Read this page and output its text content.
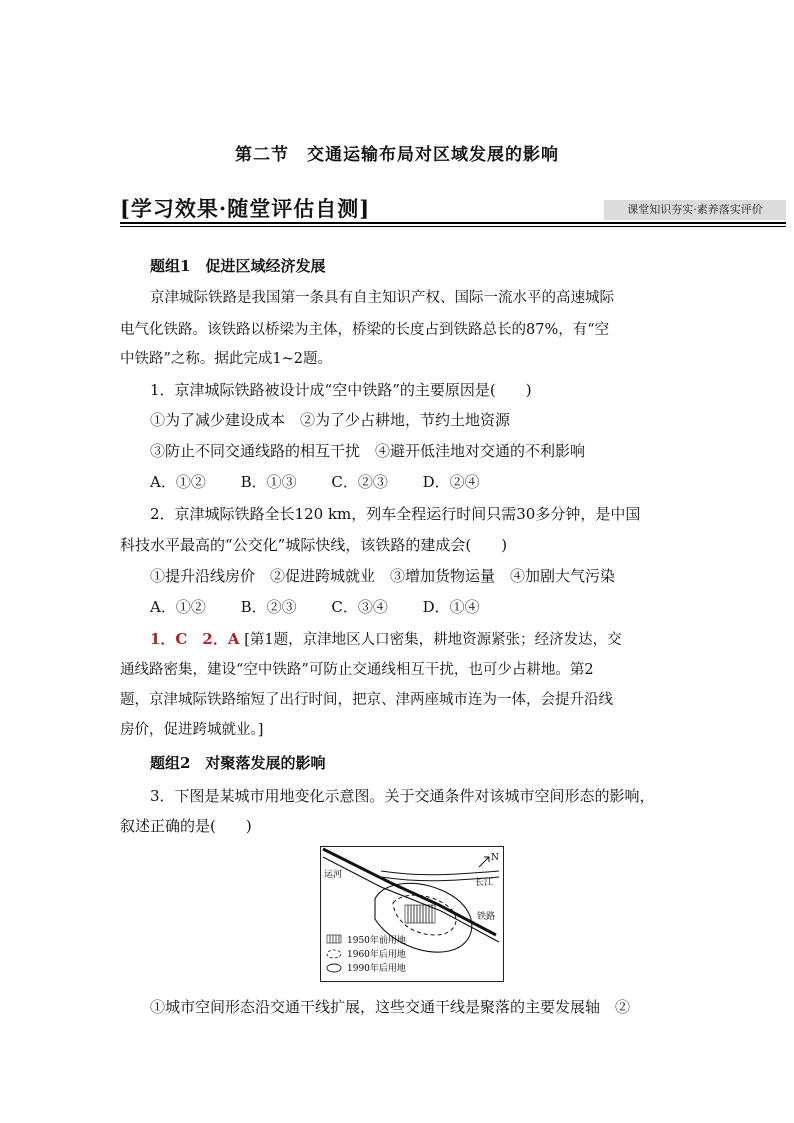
第二节　交通运输布局对区域发展的影响
[学习效果·随堂评估自测]	课堂知识夯实·素养落实评价
题组1　促进区域经济发展
京津城际铁路是我国第一条具有自主知识产权、国际一流水平的高速城际
电气化铁路。该铁路以桥梁为主体，桥梁的长度占到铁路总长的87%，有“空
中铁路”之称。据此完成1~2题。
1．京津城际铁路被设计成“空中铁路”的主要原因是(　　)
①为了减少建设成本　②为了少占耕地，节约土地资源
③防止不同交通线路的相互干扰　④避开低洼地对交通的不利影响
A．①②　　 B．①③　　 C．②③　　 D．②④
2．京津城际铁路全长120 km，列车全程运行时间只需30多分钟，是中国
科技水平最高的“公交化”城际快线，该铁路的建成会(　　)
①提升沿线房价　②促进跨城就业　③增加货物运量　④加剧大气污染
A．①②　　 B．②③　　 C．③④　　 D．①④
1．C　2．A [第1题，京津地区人口密集，耕地资源紧张；经济发达，交
通线路密集，建设“空中铁路”可防止交通线相互干扰，也可少占耕地。第2
题，京津城际铁路缩短了出行时间，把京、津两座城市连为一体，会提升沿线
房价，促进跨城就业。]
题组2　对聚落发展的影响
3．下图是某城市用地变化示意图。关于交通条件对该城市空间形态的影响，
叙述正确的是(　　)
N
运河
长江
铁路
1950年前用地
1960年后用地
1990年后用地
①城市空间形态沿交通干线扩展，这些交通干线是聚落的主要发展轴　②
